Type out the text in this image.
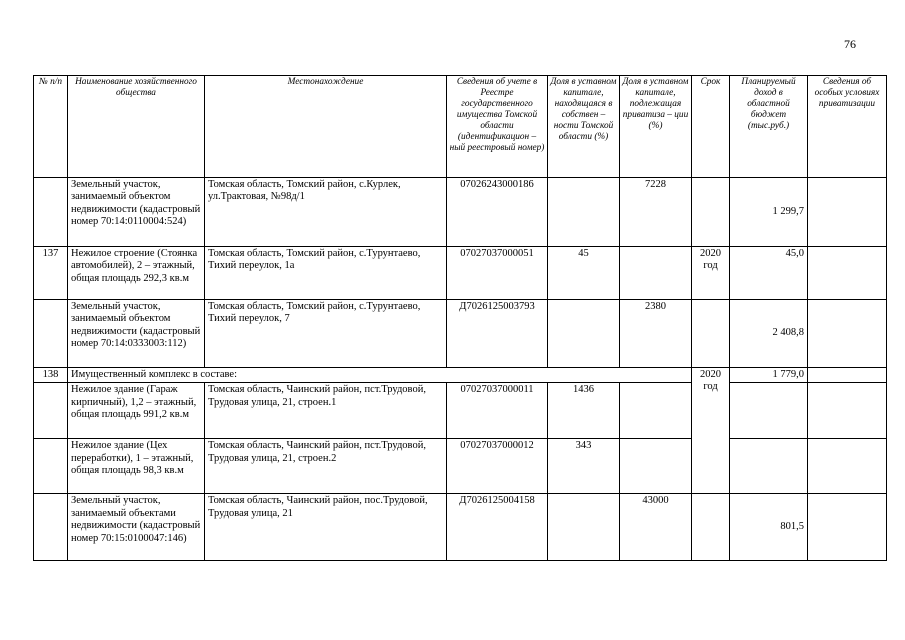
76
№ п/п	Наименование хозяйственного общества	Местонахождение	Сведения об учете в Реестре государственного имущества Томской области (идентификацион – ный реестровый номер)	Доля в уставном капитале, находящаяся в собствен – ности Томской области (%)	Доля в уставном капитале, подлежащая приватиза – ции (%)	Срок	Планируемый доход в областной бюджет (тыс.руб.)	Сведения об особых условиях приватизации
	Земельный участок, занимаемый объектом недвижимости (кадастровый номер 70:14:0110004:524)	Томская область, Томский район, с.Курлек, ул.Трактовая, №98д/1	07026243000186		7228		1 299,7	
137	Нежилое строение (Стоянка автомобилей), 2 – этажный, общая площадь 292,3 кв.м	Томская область, Томский район, с.Турунтаево, Тихий переулок, 1а	07027037000051	45		2020 год	45,0	
	Земельный участок, занимаемый объектом недвижимости (кадастровый номер 70:14:0333003:112)	Томская область, Томский район, с.Турунтаево, Тихий переулок, 7	Д7026125003793		2380		2 408,8	
138	Имущественный комплекс в составе:					2020 год	1 779,0	
	Нежилое здание (Гараж кирпичный), 1,2 – этажный, общая площадь 991,2 кв.м	Томская область, Чаинский район, пст.Трудовой, Трудовая улица, 21, строен.1	07027037000011	1436				
	Нежилое здание (Цех переработки), 1 – этажный, общая площадь 98,3 кв.м	Томская область, Чаинский район, пст.Трудовой, Трудовая улица, 21, строен.2	07027037000012	343				
	Земельный участок, занимаемый объектами недвижимости (кадастровый номер 70:15:0100047:146)	Томская область, Чаинский район, пос.Трудовой, Трудовая улица, 21	Д7026125004158		43000		801,5	
